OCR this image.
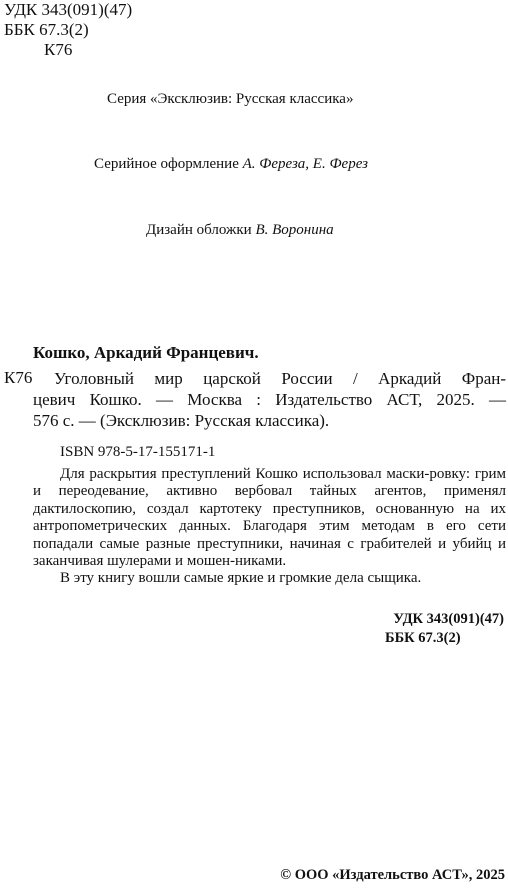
УДК 343(091)(47)
ББК 67.3(2)
К76
Серия «Эксклюзив: Русская классика»
Серийное оформление А. Фереза, Е. Ферез
Дизайн обложки В. Воронина
Кошко, Аркадий Францевич.
К76	Уголовный мир царской России / Аркадий Фран-

цевич Кошко. — Москва : Издательство АСТ, 2025. —

576 с. — (Эксклюзив: Русская классика).

ISBN 978-5-17-155171-1

Для раскрытия преступлений Кошко использовал маски-ровку: грим и переодевание, активно вербовал тайных агентов, применял дактилоскопию, создал картотеку преступников, основанную на их антропометрических данных. Благодаря этим методам в его сети попадали самые разные преступники, начиная с грабителей и убийц и заканчивая шулерами и мошен-никами.

В эту книгу вошли самые яркие и громкие дела сыщика.

УДК 343(091)(47)
ББК 67.3(2)
© ООО «Издательство АСТ», 2025
